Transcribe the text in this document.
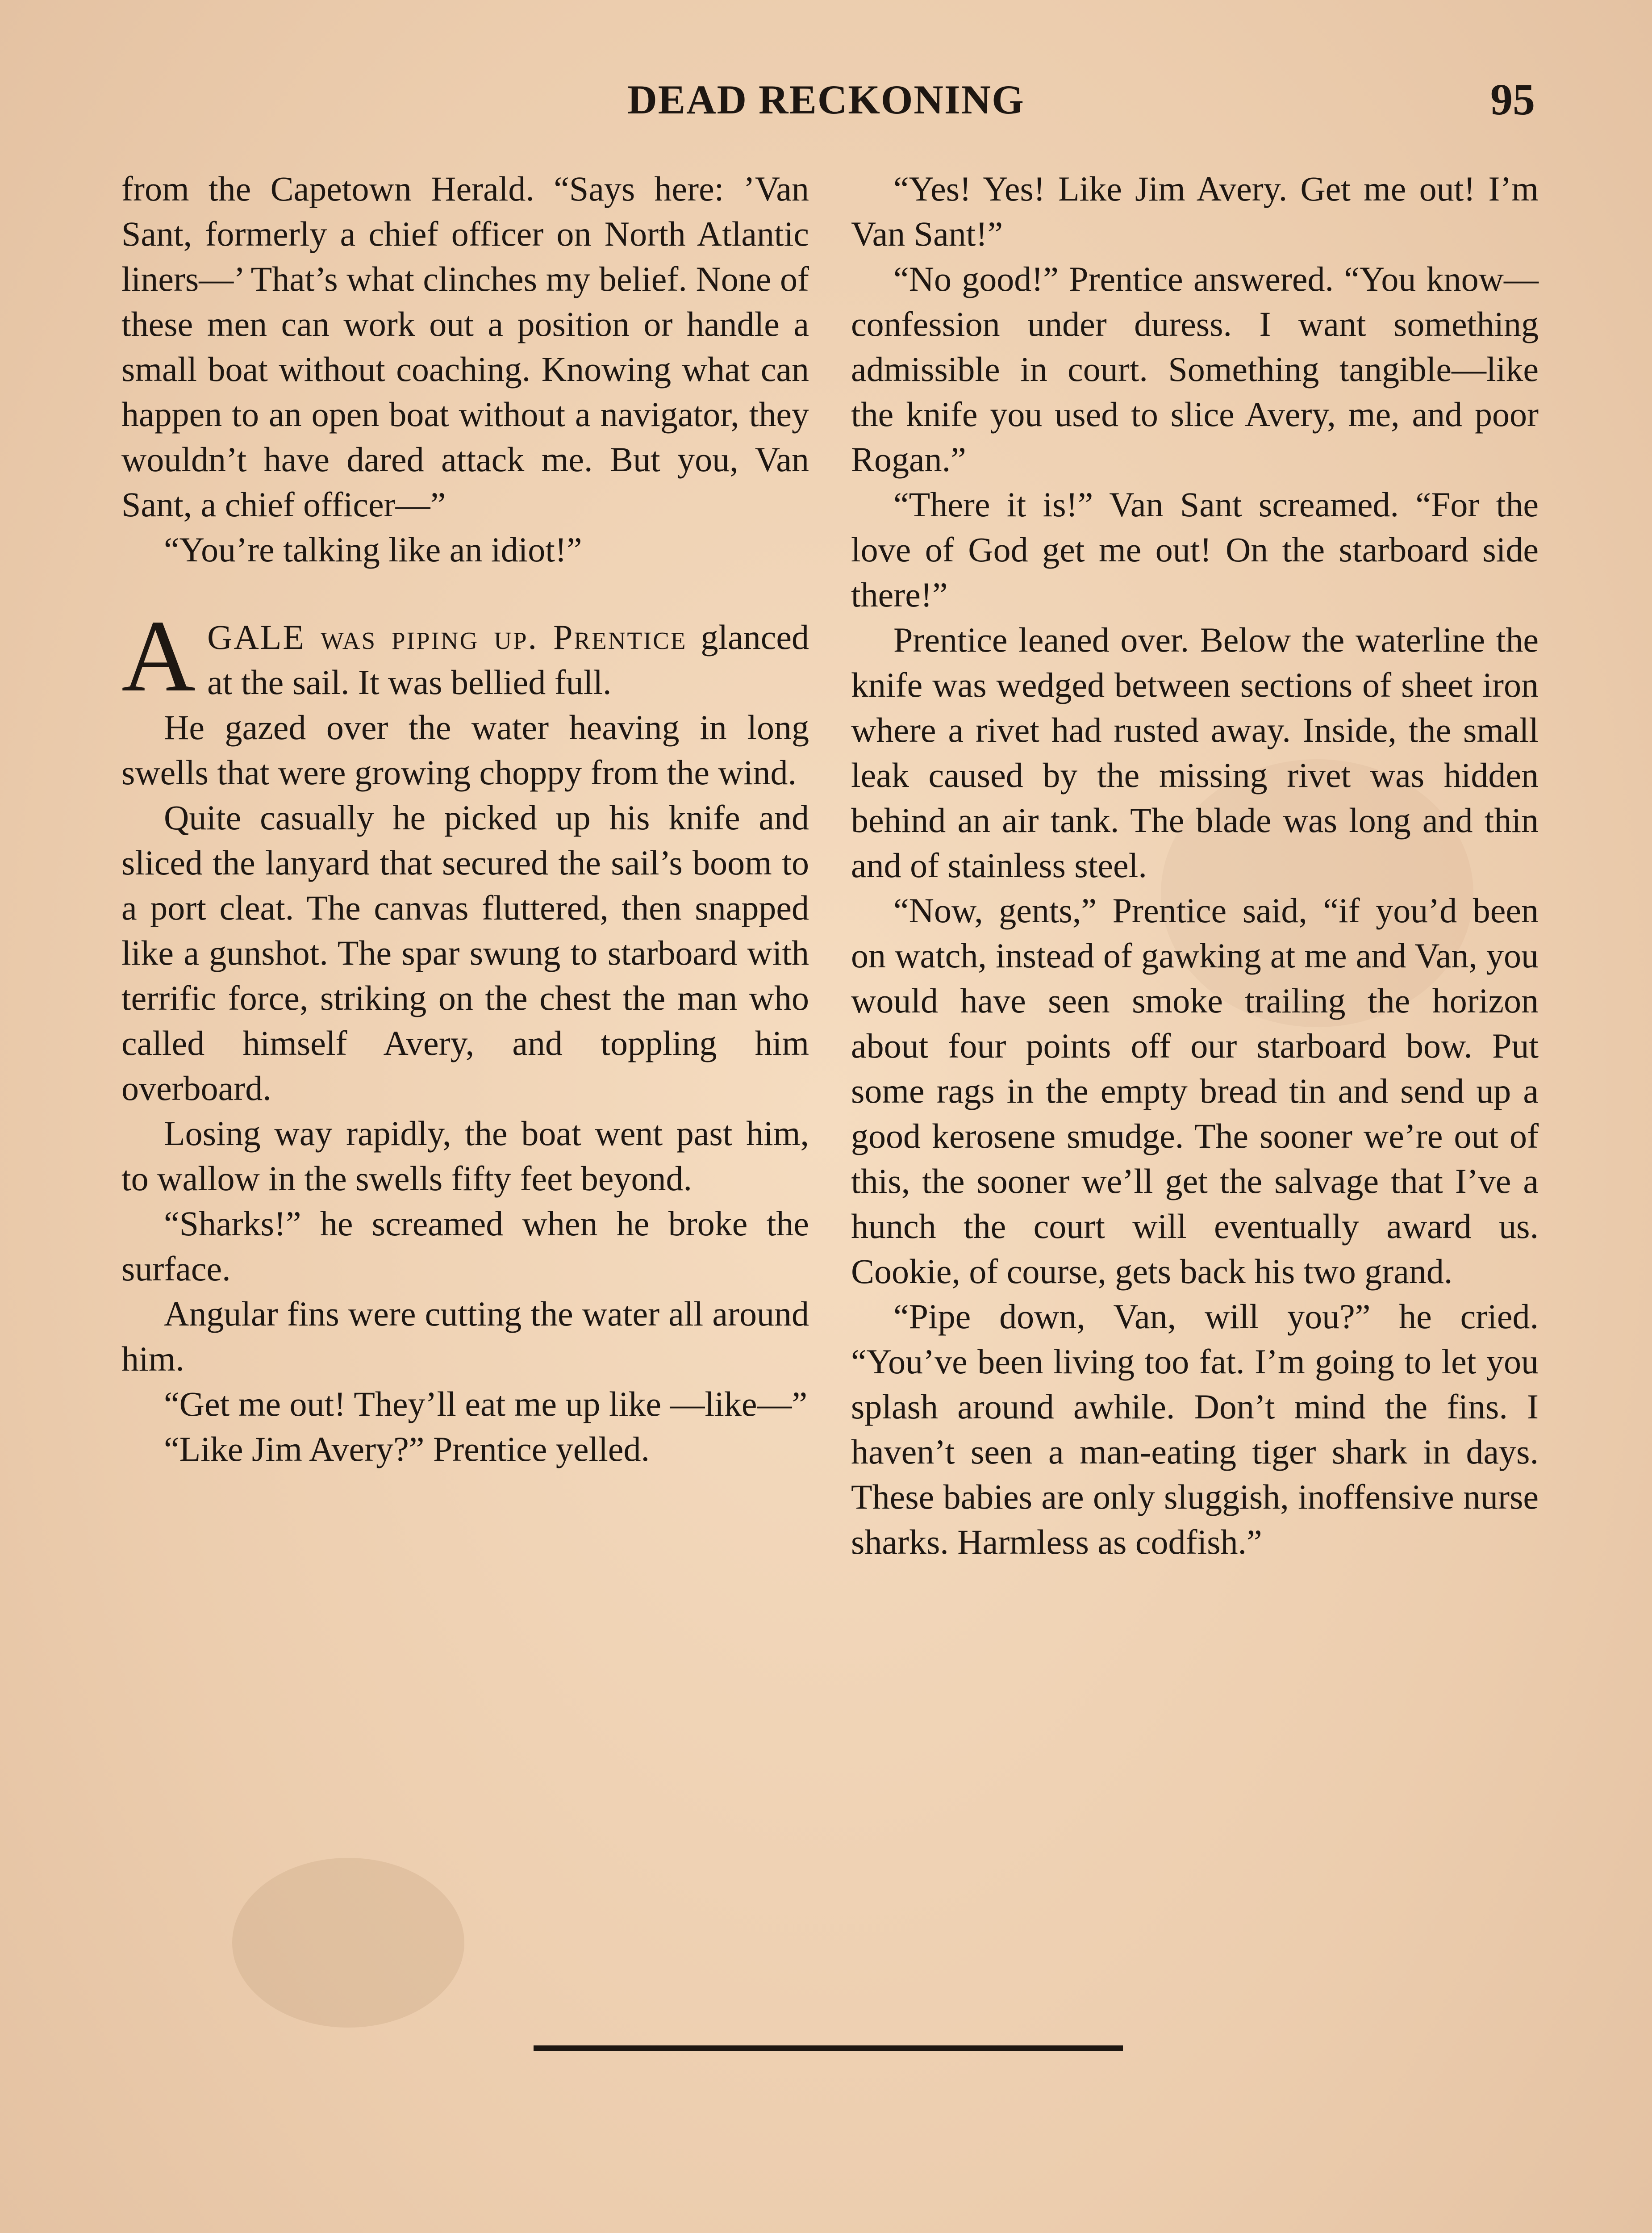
DEAD RECKONING	95

from the Capetown Herald. “Says here: ’Van Sant, formerly a chief officer on North Atlantic liners—’ That’s what clinches my belief. None of these men can work out a position or handle a small boat without coaching. Knowing what can happen to an open boat without a navigator, they wouldn’t have dared attack me. But you, Van Sant, a chief officer—”

“You’re talking like an idiot!”

AGALE was piping up. Prentice glanced at the sail. It was bellied full.

He gazed over the water heaving in long swells that were growing choppy from the wind.

Quite casually he picked up his knife and sliced the lanyard that secured the sail’s boom to a port cleat. The canvas fluttered, then snapped like a gunshot. The spar swung to starboard with terrific force, striking on the chest the man who called himself Avery, and toppling him overboard.

Losing way rapidly, the boat went past him, to wallow in the swells fifty feet beyond.

“Sharks!” he screamed when he broke the surface.

Angular fins were cutting the water all around him.

“Get me out! They’ll eat me up like —like—”

“Like Jim Avery?” Prentice yelled.

“Yes! Yes! Like Jim Avery. Get me out! I’m Van Sant!”

“No good!” Prentice answered. “You know—confession under duress. I want something admissible in court. Something tangible—like the knife you used to slice Avery, me, and poor Rogan.”

“There it is!” Van Sant screamed. “For the love of God get me out! On the starboard side there!”

Prentice leaned over. Below the waterline the knife was wedged between sections of sheet iron where a rivet had rusted away. Inside, the small leak caused by the missing rivet was hidden behind an air tank. The blade was long and thin and of stainless steel.

“Now, gents,” Prentice said, “if you’d been on watch, instead of gawking at me and Van, you would have seen smoke trailing the horizon about four points off our starboard bow. Put some rags in the empty bread tin and send up a good kerosene smudge. The sooner we’re out of this, the sooner we’ll get the salvage that I’ve a hunch the court will eventually award us. Cookie, of course, gets back his two grand.

“Pipe down, Van, will you?” he cried. “You’ve been living too fat. I’m going to let you splash around awhile. Don’t mind the fins. I haven’t seen a man-eating tiger shark in days. These babies are only sluggish, inoffensive nurse sharks. Harmless as codfish.”
